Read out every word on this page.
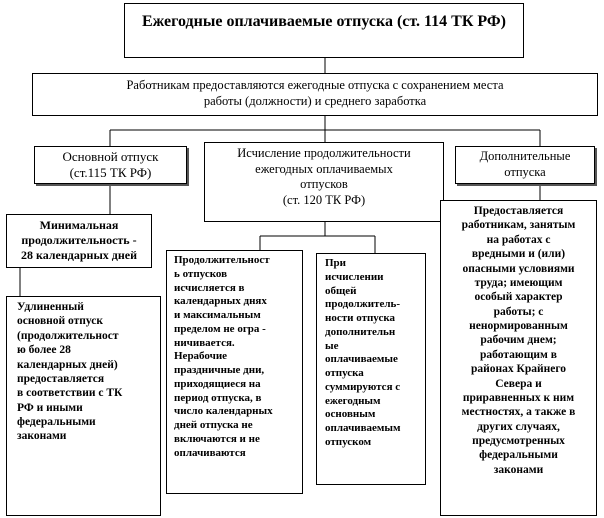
Ежегодные оплачиваемые отпуска (ст. 114 ТК РФ)
Работникам предоставляются ежегодные отпуска с сохранением места
работы (должности) и среднего заработка
Основной отпуск
(ст.115 ТК РФ)
Исчисление продолжительности
ежегодных оплачиваемых
отпусков
(ст. 120 ТК РФ)
Дополнительные
отпуска
Минимальная
продолжительность -
28 календарных дней
Удлиненный
основной отпуск
(продолжительност
ю более 28
календарных дней)
предоставляется
в соответствии с ТК
РФ и иными
федеральными
законами
Продолжительност
ь отпусков
исчисляется в
календарных днях
и максимальным
пределом не огра -
ничивается.
Нерабочие
праздничные дни,
приходящиеся на
период отпуска, в
число календарных
дней отпуска не
включаются и не
оплачиваются
При
исчислении
общей
продолжитель-
ности отпуска
дополнительн
ые
оплачиваемые
отпуска
суммируются с
ежегодным
основным
оплачиваемым
отпуском
Предоставляется
работникам, занятым
на работах с
вредными и (или)
опасными условиями
труда; имеющим
особый характер
работы; с
ненормированным
рабочим днем;
работающим в
районах Крайнего
Севера и
приравненных к ним
местностях, а также в
других случаях,
предусмотренных
федеральными
законами
